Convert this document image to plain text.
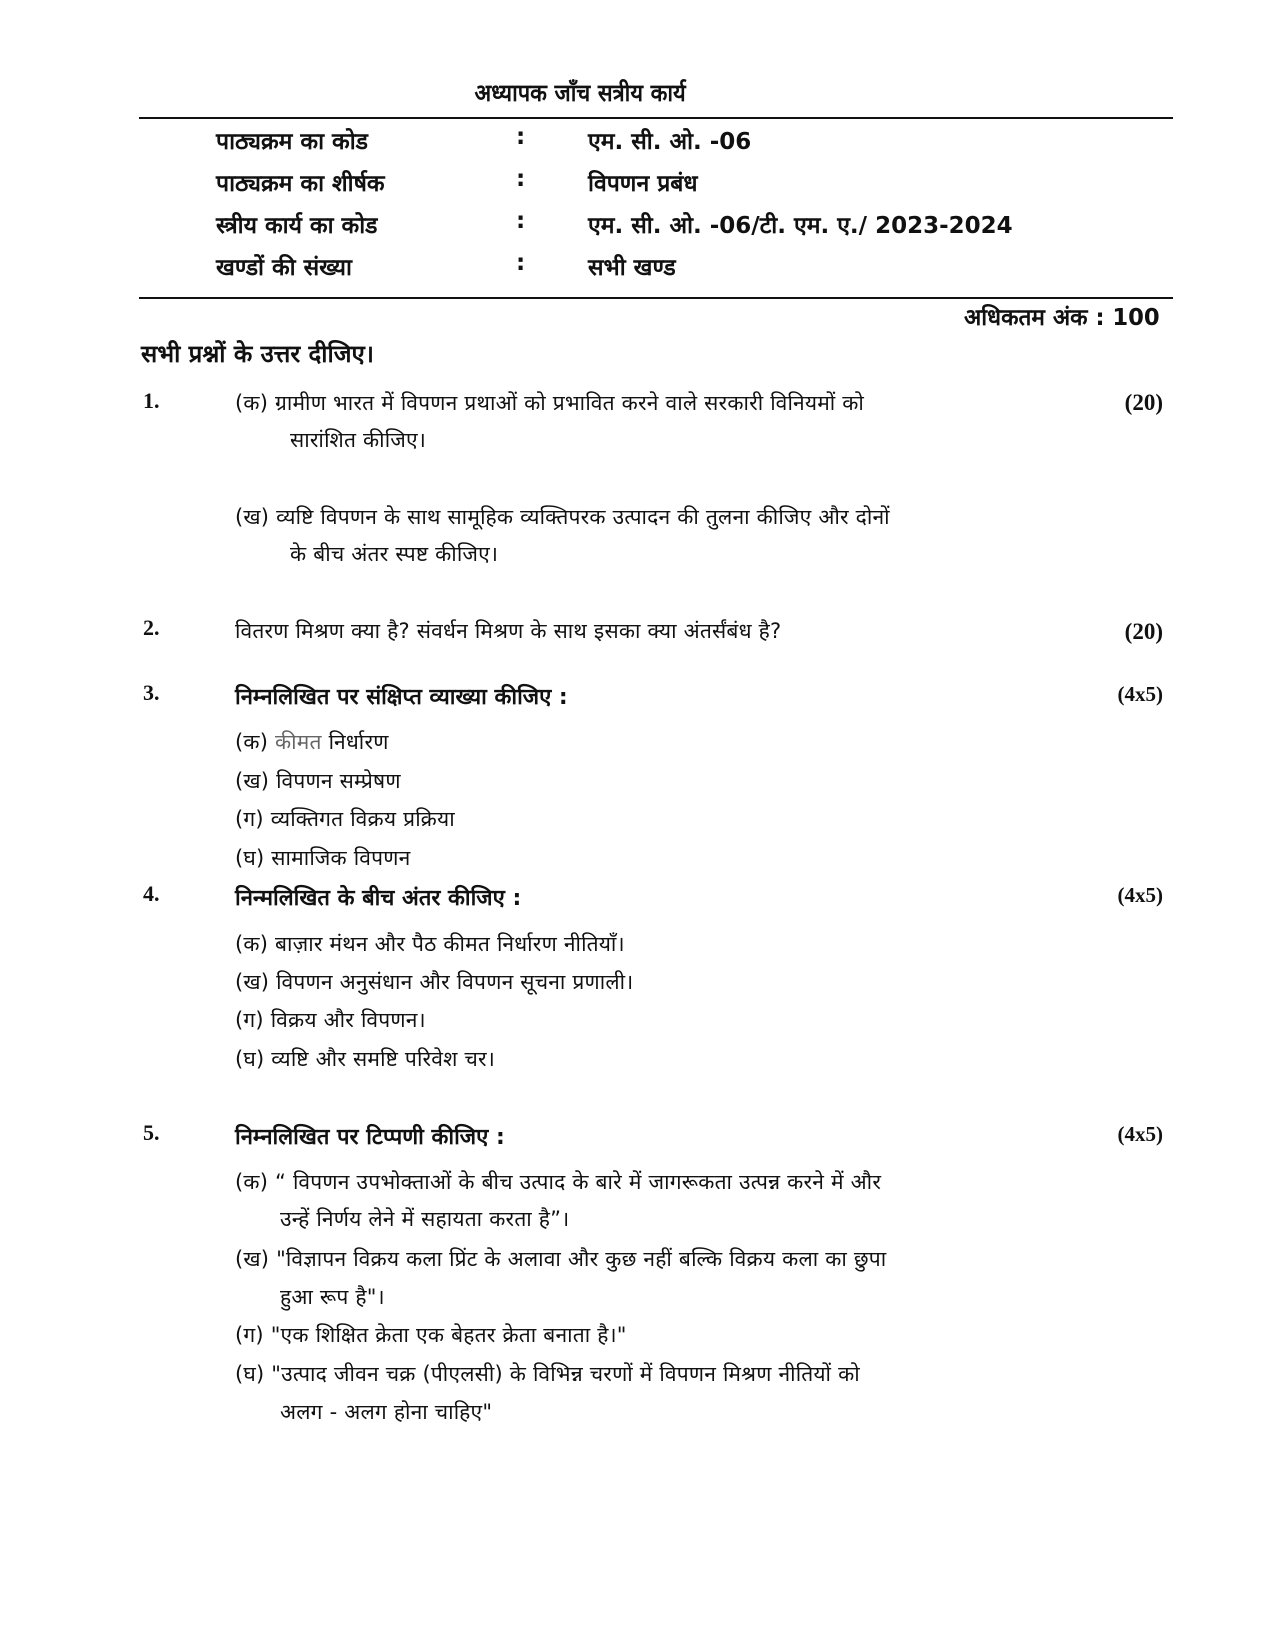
अध्यापक जाँच सत्रीय कार्य
पाठ्यक्रम का कोड	:	एम. सी. ओ. -06
पाठ्यक्रम का शीर्षक	:	विपणन प्रबंध
स्त्रीय कार्य का कोड	:	एम. सी. ओ. -06/टी. एम. ए./ 2023-2024
खण्डों की संख्या	:	सभी खण्ड
अधिकतम अंक : 100
सभी प्रश्नों के उत्तर दीजिए।
1.	(20)
(क) ग्रामीण भारत में विपणन प्रथाओं को प्रभावित करने वाले सरकारी विनियमों को
सारांशित कीजिए।
(ख) व्यष्टि विपणन के साथ सामूहिक व्यक्तिपरक उत्पादन की तुलना कीजिए और दोनों
के बीच अंतर स्पष्ट कीजिए।
2.	(20)
वितरण मिश्रण क्या है? संवर्धन मिश्रण के साथ इसका क्या अंतर्संबंध है?
3.	(4x5)
निम्नलिखित पर संक्षिप्त व्याख्या कीजिए :
(क) कीमत निर्धारण
(ख) विपणन सम्प्रेषण
(ग) व्यक्तिगत विक्रय प्रक्रिया
(घ) सामाजिक विपणन
4.	(4x5)
निन्मलिखित के बीच अंतर कीजिए :
(क) बाज़ार मंथन और पैठ कीमत निर्धारण नीतियाँ।
(ख) विपणन अनुसंधान और विपणन सूचना प्रणाली।
(ग) विक्रय और विपणन।
(घ) व्यष्टि और समष्टि परिवेश चर।
5.	(4x5)
निम्नलिखित पर टिप्पणी कीजिए :
(क) “ विपणन उपभोक्ताओं के बीच उत्पाद के बारे में जागरूकता उत्पन्न करने में और
उन्हें निर्णय लेने में सहायता करता है”।
(ख) "विज्ञापन विक्रय कला प्रिंट के अलावा और कुछ नहीं बल्कि विक्रय कला का छुपा
हुआ रूप है"।
(ग) "एक शिक्षित क्रेता एक बेहतर क्रेता बनाता है।"
(घ) "उत्पाद जीवन चक्र (पीएलसी) के विभिन्न चरणों में विपणन मिश्रण नीतियों को
अलग - अलग होना चाहिए"
